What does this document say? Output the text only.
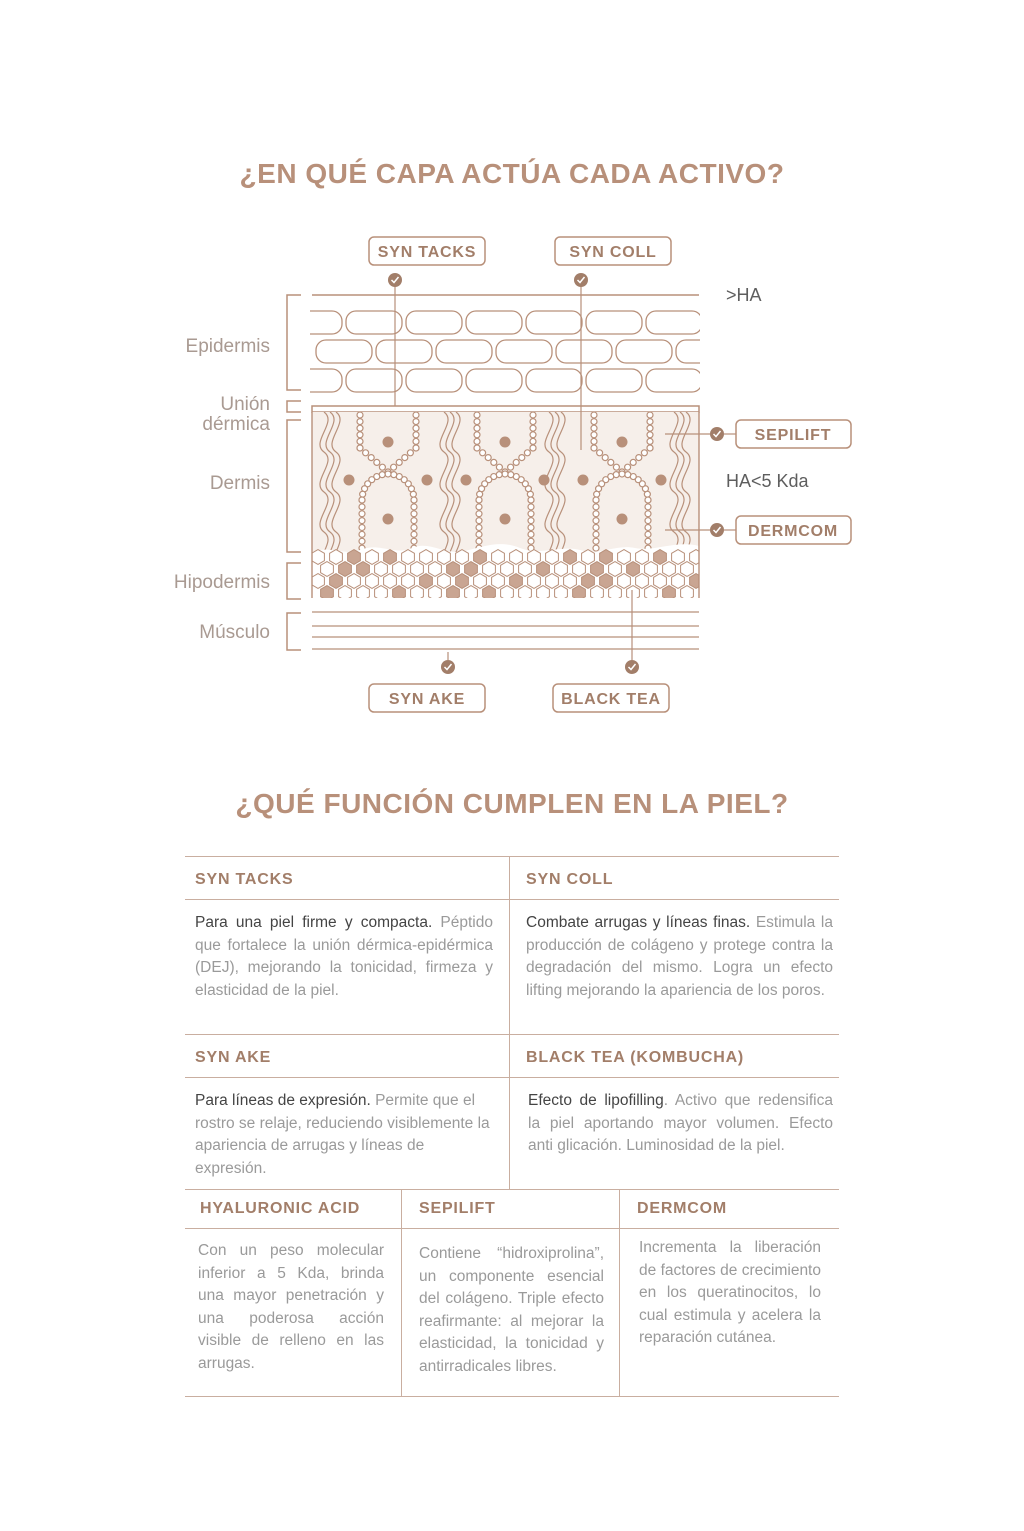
¿EN QUÉ CAPA ACTÚA CADA ACTIVO?
Epidermis
Unión
dérmica
Dermis
Hipodermis
Músculo
SYN TACKS	SYN COLL
SEPILIFT
DERMCOM
SYN AKE	BLACK TEA
>HA
HA<5 Kda
¿QUÉ FUNCIÓN CUMPLEN EN LA PIEL?
SYN TACKS	SYN COLL
Para una piel firme y compacta. Péptido que fortalece la unión dérmica-epidérmica (DEJ), mejorando la tonicidad, firmeza y elasticidad de la piel.
Combate arrugas y líneas finas. Estimula la producción de colágeno y protege contra la degradación del mismo. Logra un efecto lifting mejorando la apariencia de los poros.
SYN AKE	BLACK TEA (KOMBUCHA)
Para líneas de expresión. Permite que el rostro se relaje, reduciendo visiblemente la apariencia de arrugas y líneas de expresión.
Efecto de lipofilling. Activo que redensifica la piel aportando mayor volumen. Efecto anti glicación. Luminosidad de la piel.
HYALURONIC ACID	SEPILIFT	DERMCOM
Con un peso molecular inferior a 5 Kda, brinda una mayor penetración y una poderosa acción visible de relleno en las arrugas.
Contiene “hidroxiprolina”, un componente esencial del colágeno. Triple efecto reafirmante: al mejorar la elasticidad, la tonicidad y antirradicales libres.
Incrementa la liberación de factores de crecimiento en los queratinocitos, lo cual estimula y acelera la reparación cutánea.
